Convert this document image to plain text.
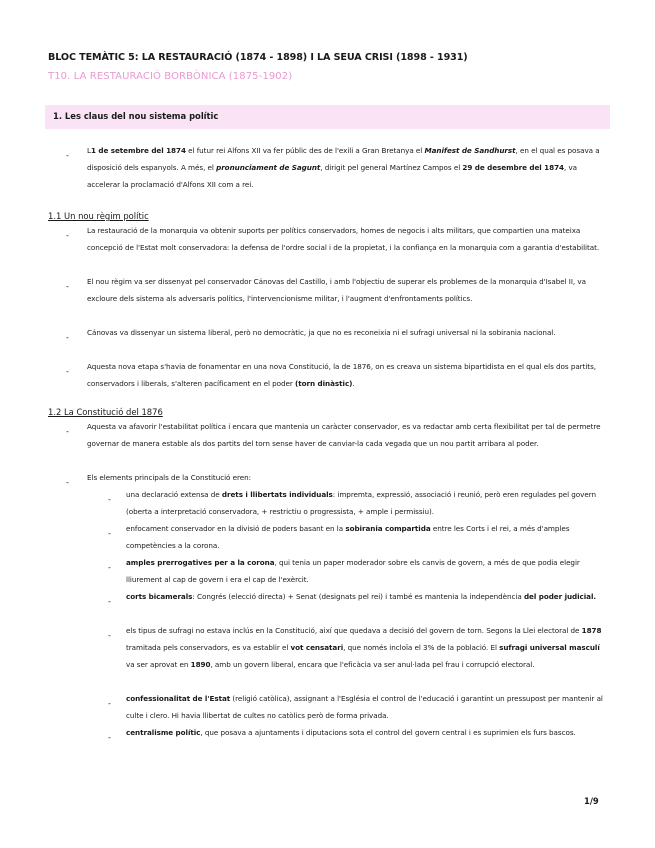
BLOC TEMÀTIC 5: LA RESTAURACIÓ (1874 - 1898) I LA SEUA CRISI (1898 - 1931)
T10. LA RESTAURACIÓ BORBÒNICA (1875-1902)
1. Les claus del nou sistema polític
-
L1 de setembre del 1874 el futur rei Alfons XII va fer públic des de l'exili a Gran Bretanya el Manifest de Sandhurst, en el qual es posava a disposició dels espanyols. A més, el pronunciament de Sagunt, dirigit pel general Martínez Campos el 29 de desembre del 1874, va accelerar la proclamació d'Alfons XII com a rei.
1.1 Un nou règim polític
-
La restauració de la monarquia va obtenir suports per polítics conservadors, homes de negocis i alts militars, que compartien una mateixa concepció de l'Estat molt conservadora: la defensa de l'ordre social i de la propietat, i la confiança en la monarquia com a garantia d'estabilitat.
-
El nou règim va ser dissenyat pel conservador Cánovas del Castillo, i amb l'objectiu de superar els problemes de la monarquia d'Isabel II, va excloure dels sistema als adversaris polítics, l'intervencionisme militar, i l'augment d'enfrontaments polítics.
-
Cánovas va dissenyar un sistema liberal, però no democràtic, ja que no es reconeixia ni el sufragi universal ni la sobirania nacional.
-
Aquesta nova etapa s'havia de fonamentar en una nova Constitució, la de 1876, on es creava un sistema bipartidista en el qual els dos partits, conservadors i liberals, s'alteren pacíficament en el poder (torn dinàstic).
1.2 La Constitució del 1876
-
Aquesta va afavorir l'estabilitat política i encara que mantenia un caràcter conservador, es va redactar amb certa flexibilitat per tal de permetre governar de manera estable als dos partits del torn sense haver de canviar-la cada vegada que un nou partit arribara al poder.
-
Els elements principals de la Constitució eren:
-
una declaració extensa de drets i llibertats individuals: impremta, expressió, associació i reunió, però eren regulades pel govern (oberta a interpretació conservadora, + restrictiu o progressista, + ample i permissiu).
-
enfocament conservador en la divisió de poders basant en la sobirania compartida entre les Corts i el rei, a més d'amples competències a la corona.
-
amples prerrogatives per a la corona, qui tenia un paper moderador sobre els canvis de govern, a més de que podia elegir lliurement al cap de govern i era el cap de l'exèrcit.
-
corts bicamerals: Congrés (elecció directa) + Senat (designats pel rei) i també es mantenia la independència del poder judicial.
-
els tipus de sufragi no estava inclús en la Constitució, així que quedava a decisió del govern de torn. Segons la Llei electoral de 1878 tramitada pels conservadors, es va establir el vot censatari, que només incloïa el 3% de la població. El sufragi universal masculí va ser aprovat en 1890, amb un govern liberal, encara que l'eficàcia va ser anul·lada pel frau i corrupció electoral.
-
confessionalitat de l'Estat (religió catòlica), assignant a l'Església el control de l'educació i garantint un pressupost per mantenir al culte i clero. Hi havia llibertat de cultes no catòlics però de forma privada.
-
centralisme polític, que posava a ajuntaments i diputacions sota el control del govern central i es suprimien els furs bascos.
1/9
